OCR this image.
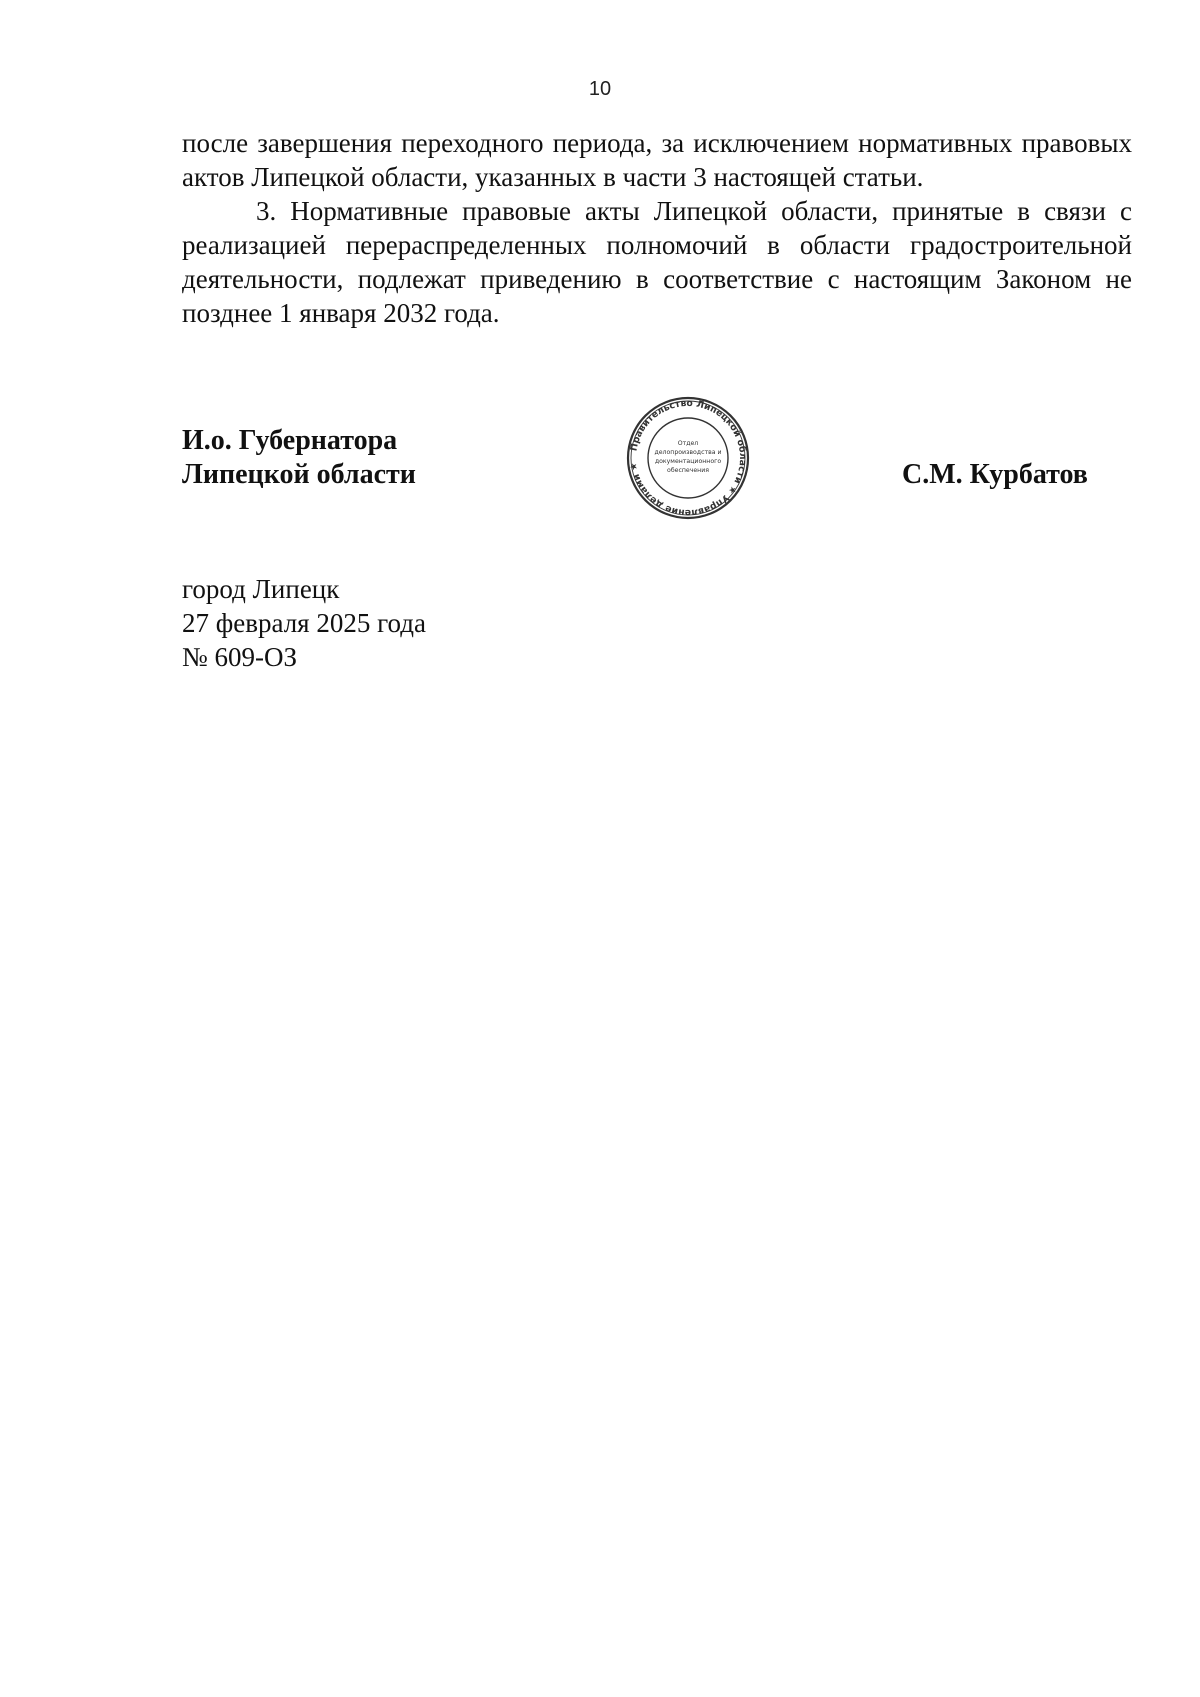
10

после завершения переходного периода, за исключением нормативных правовых актов Липецкой области, указанных в части 3 настоящей статьи.

3. Нормативные правовые акты Липецкой области, принятые в связи с реализацией перераспределенных полномочий в области градостроительной деятельности, подлежат приведению в соответствие с настоящим Законом не позднее 1 января 2032 года.

И.о. Губернатора
Липецкой области
Правительство Липецкой области ★ Управление делами ★
Отдел
делопроизводства и
документационного
обеспечения	С.М. Курбатов
город Липецк
27 февраля 2025 года
№ 609-ОЗ
